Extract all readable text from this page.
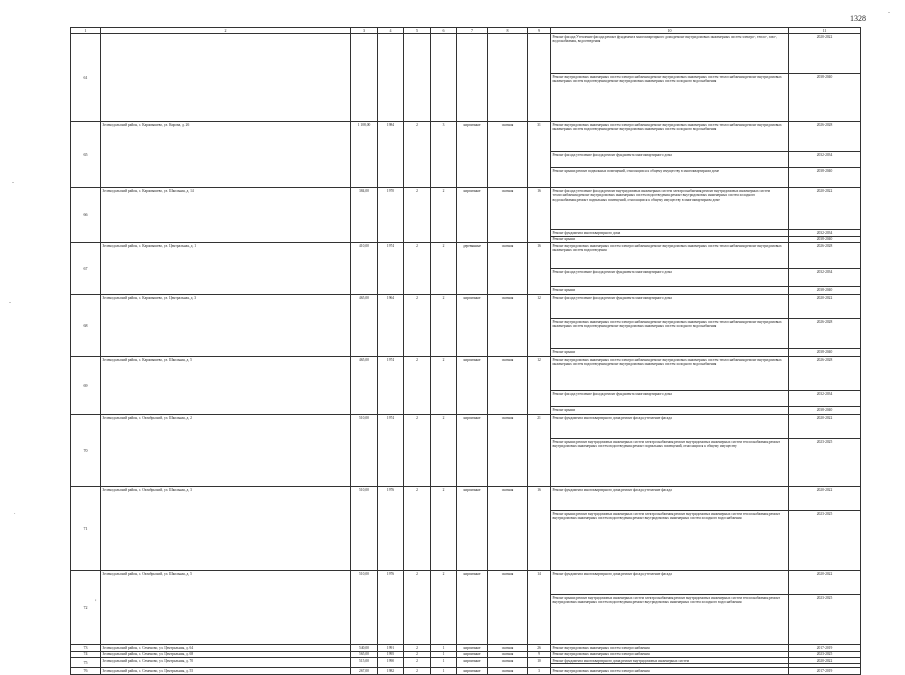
1328
-
-
.
-
,
1	2	3	4	5	6	7	8	9	10	11
61									Ремонт фасада;Утепление фасада;ремонт фундамента многоквартирного дома;ремонт внутридомовых инженерных систем электро-, тепло-, газо-, водоснабжения, водоотведения	2020-2022
									Ремонт внутридомовых инженерных систем электроснабжения;ремонт внутридомовых инженерных систем теплоснабжения;ремонт внутридомовых инженерных систем водоотведения;ремонт внутридомовых инженерных систем холодного водоснабжения	2038-2040
65	Зеленодольский район, с. Карамышево, ул. Кирова, д. 26	1 108,00	1984	2	3	кирпичные	скатная	31	Ремонт внутридомовых инженерных систем электроснабжения;ремонт внутридомовых инженерных систем теплоснабжения;ремонт внутридомовых инженерных систем водоотведения;ремонт внутридомовых инженерных систем холодного водоснабжения	2026-2028
									Ремонт фасада;утепление фасада;ремонт фундамента многоквартирного дома	2032-2034
									Ремонт крыши;ремонт подвальных помещений, относящихся к общему имуществу в многоквартирном доме	2038-2040
66	Зеленодольский район, с. Карамышево, ул. Школьная, д. 14	384,00	1970	2	2	кирпичные	скатная	16	Ремонт фасада;утепление фасада;ремонт внутридомовых инженерных систем электроснабжения;ремонт внутридомовых инженерных систем теплоснабжения;ремонт внутридомовых инженерных систем водоотведения;ремонт внутридомовых инженерных систем холодного водоснабжения;ремонт подвальных помещений, относящихся к общему имуществу в многоквартирном доме	2020-2022
									Ремонт фундамента многоквартирного дома	2032-2034
									Ремонт крыши	2038-2040
67	Зеленодольский район, с. Карамышево, ул. Центральная, д. 1	410,00	1974	2	2	деревянные	скатная	16	Ремонт внутридомовых инженерных систем электроснабжения;ремонт внутридомовых инженерных систем теплоснабжения;ремонт внутридомовых инженерных систем водоотведения	2026-2028
									Ремонт фасада;утепление фасада;ремонт фундамента многоквартирного дома	2032-2034
									Ремонт крыши	2038-2040
68	Зеленодольский район, с. Карамышево, ул. Центральная, д. 3	465,00	1964	2	2	кирпичные	скатная	12	Ремонт фасада;утепление фасада;ремонт фундамента многоквартирного дома	2020-2022
									Ремонт внутридомовых инженерных систем электроснабжения;ремонт внутридомовых инженерных систем теплоснабжения;ремонт внутридомовых инженерных систем водоотведения;ремонт внутридомовых инженерных систем холодного водоснабжения	2026-2028
									Ремонт крыши	2038-2040
69	Зеленодольский район, с. Карамышево, ул. Школьная, д. 5	465,00	1974	2	2	кирпичные	скатная	12	Ремонт внутридомовых инженерных систем электроснабжения;ремонт внутридомовых инженерных систем теплоснабжения;ремонт внутридомовых инженерных систем водоотведения;ремонт внутридомовых инженерных систем холодного водоснабжения	2026-2028
									Ремонт фасада;утепление фасада;ремонт фундамента многоквартирного дома	2032-2034
									Ремонт крыши	2038-2040
70	Зеленодольский район, с. Октябрьский, ул. Школьная, д. 2	510,00	1974	2	2	кирпичные	скатная	21	Ремонт фундамента многоквартирного дома;ремонт фасада;утепление фасада	2020-2022
									Ремонт крыши;ремонт внутридомовых инженерных систем электроснабжения;ремонт внутридомовых инженерных систем теплоснабжения;ремонт внутридомовых инженерных систем водоотведения;ремонт подвальных помещений, относящихся к общему имуществу	2023-2025
71	Зеленодольский район, с. Октябрьский, ул. Школьная, д. 3	510,00	1976	2	2	кирпичные	скатная	16	Ремонт фундамента многоквартирного дома;ремонт фасада;утепление фасада	2020-2022
									Ремонт крыши;ремонт внутридомовых инженерных систем электроснабжения;ремонт внутридомовых инженерных систем теплоснабжения;ремонт внутридомовых инженерных систем водоотведения;ремонт внутридомовых инженерных систем холодного водоснабжения	2023-2025
72	Зеленодольский район, с. Октябрьский, ул. Школьная, д. 5	510,00	1976	2	2	кирпичные	скатная	14	Ремонт фундамента многоквартирного дома;ремонт фасада;утепление фасада	2020-2022
									Ремонт крыши;ремонт внутридомовых инженерных систем электроснабжения;ремонт внутридомовых инженерных систем теплоснабжения;ремонт внутридомовых инженерных систем водоотведения;ремонт внутридомовых инженерных систем холодного водоснабжения	2023-2025
73	Зеленодольский район, с. Семеново, ул. Центральная, д. 64	540,00	1991	2	1	кирпичные	скатная	26	Ремонт внутридомовых инженерных систем электроснабжения	2017-2019
74	Зеленодольский район, с. Семеново, ул. Центральная, д. 68	565,00	1995	2	1	кирпичные	скатная	9	Ремонт внутридомовых инженерных систем электроснабжения	2023-2025
75	Зеленодольский район, с. Семеново, ул. Центральная, д. 70	515,00	1990	2	1	кирпичные	скатная	10	Ремонт фундамента многоквартирного дома;ремонт внутридомовых инженерных систем	2020-2022

76	Зеленодольский район, с. Семеново, ул. Центральная, д. 55	267,00	1982	2	1	кирпичные	скатная	3	Ремонт внутридомовых инженерных систем электроснабжения	2017-2019
